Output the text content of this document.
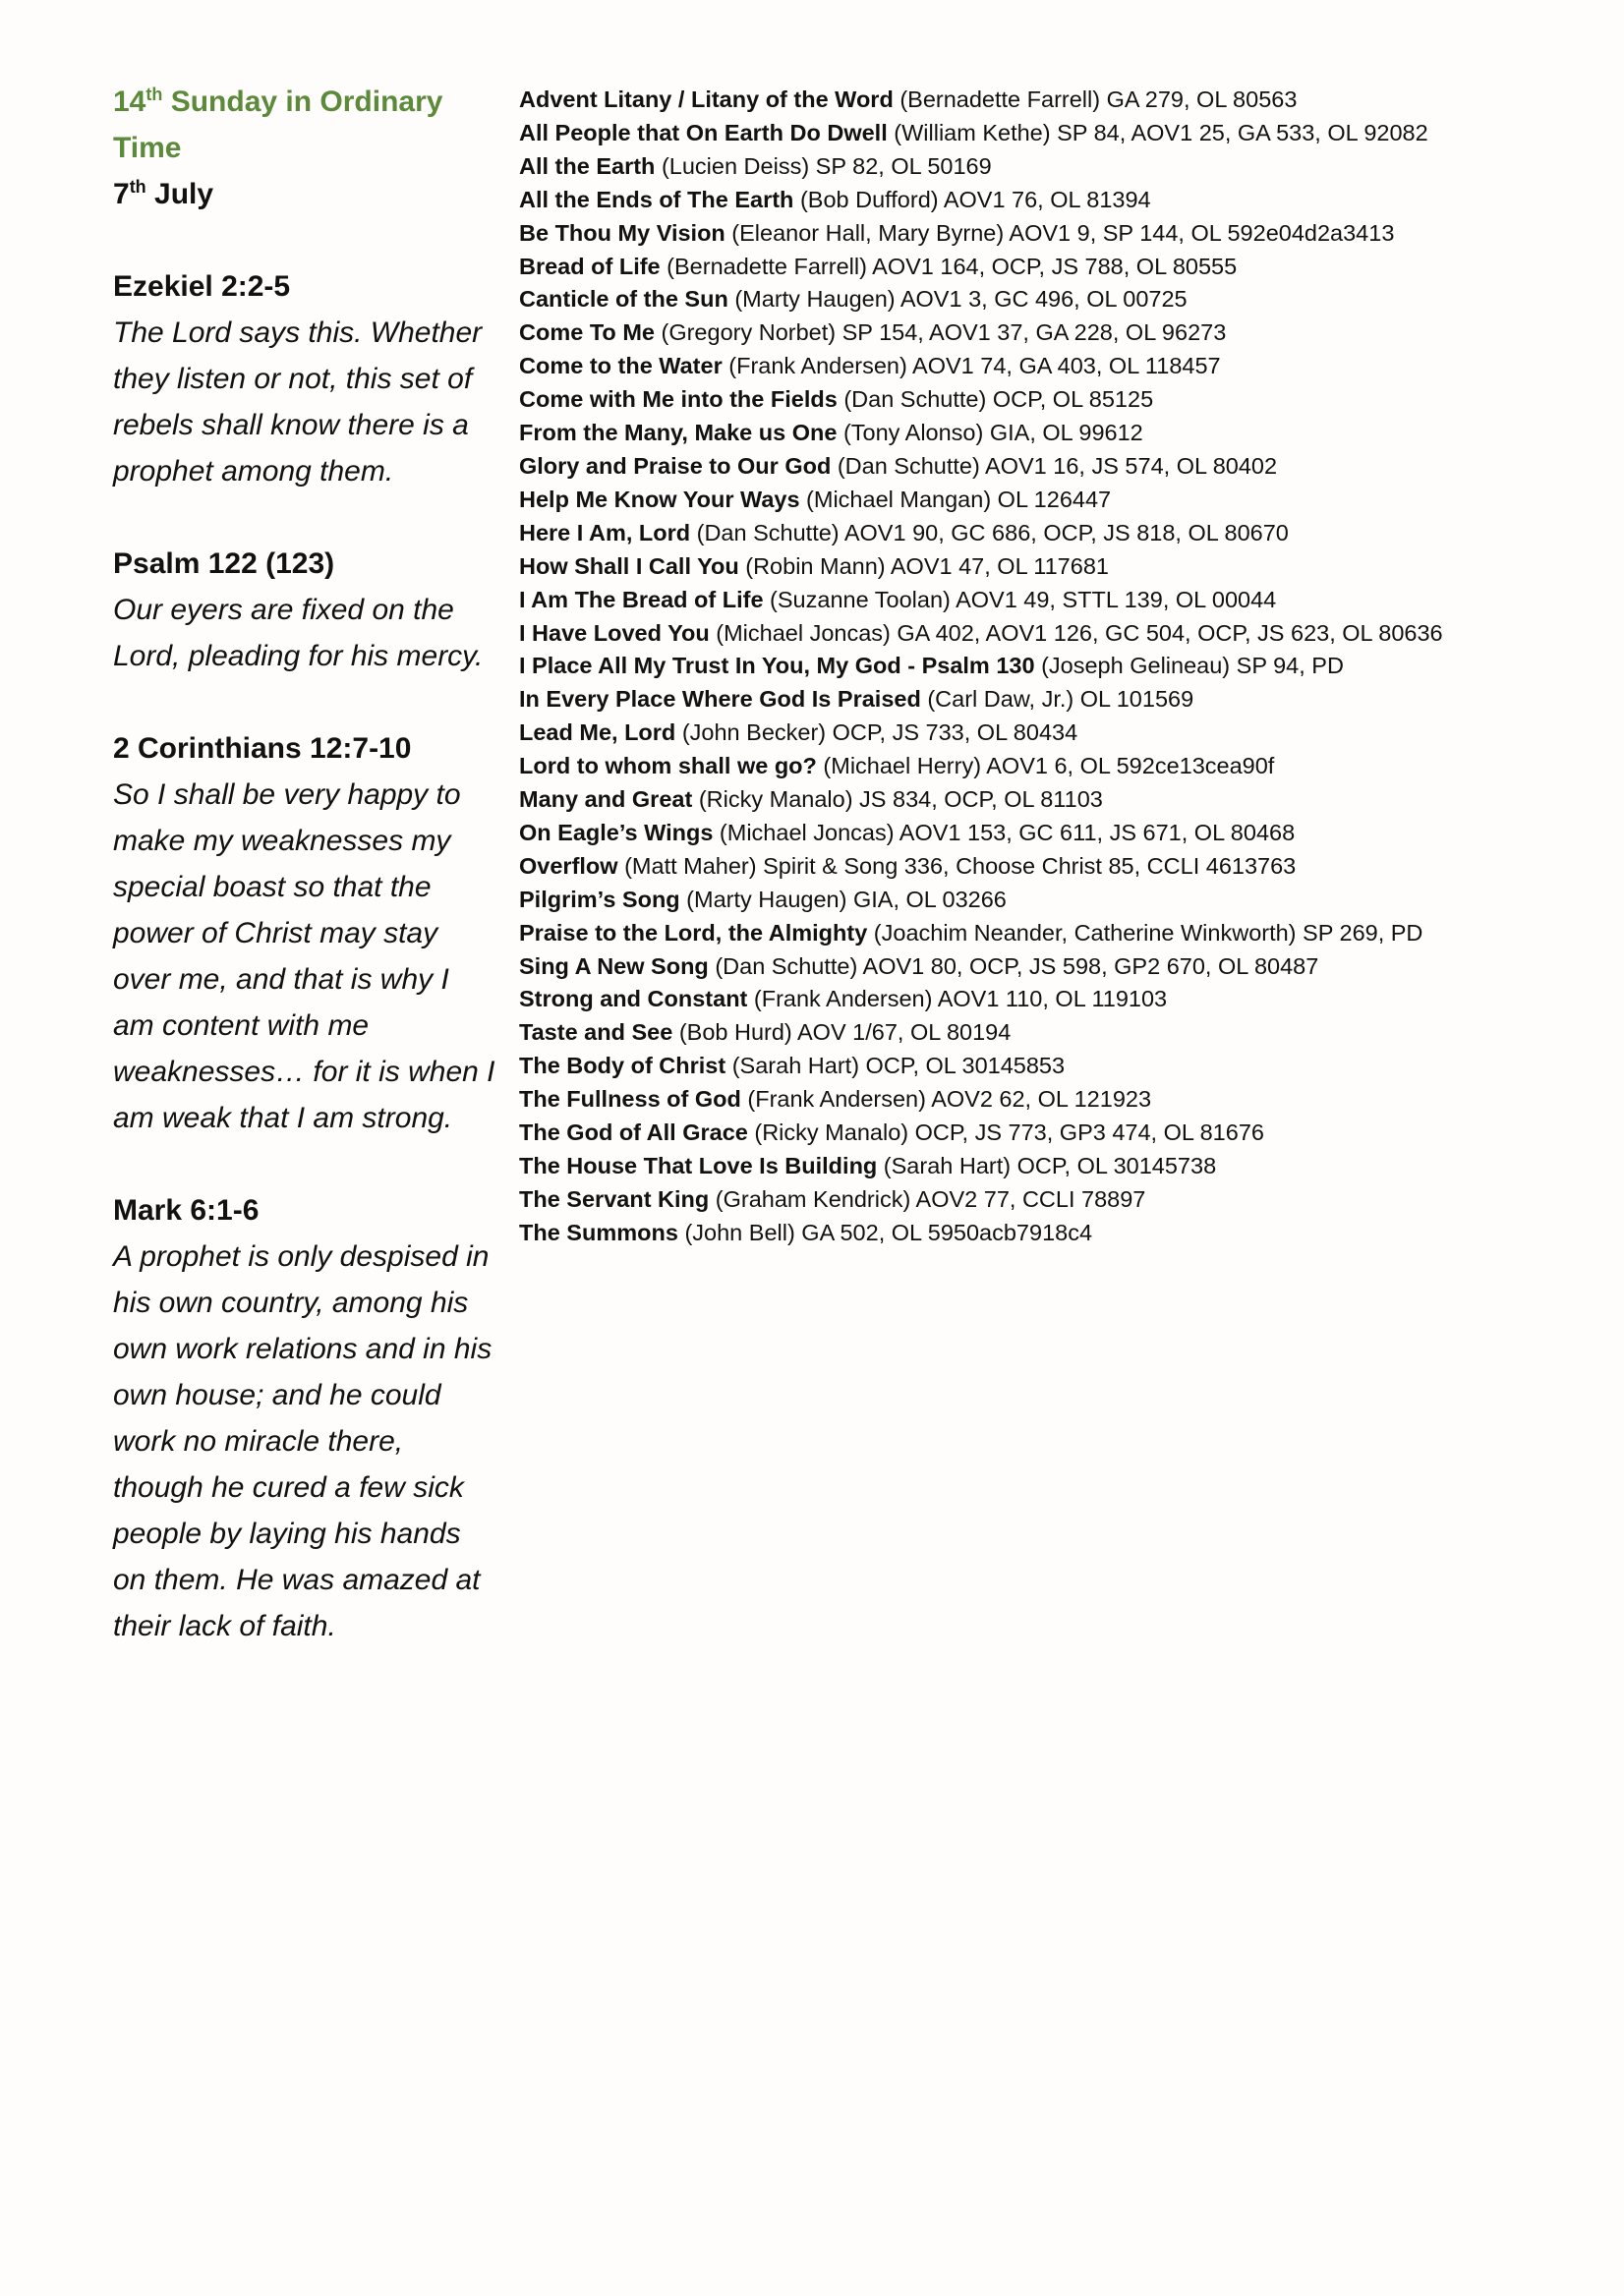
14th Sunday in Ordinary Time

7th July

Ezekiel 2:2-5

The Lord says this. Whether they listen or not, this set of rebels shall know there is a prophet among them.

Psalm 122 (123)

Our eyers are fixed on the Lord, pleading for his mercy.

2 Corinthians 12:7-10

So I shall be very happy to make my weaknesses my special boast so that the power of Christ may stay over me, and that is why I am content with me weaknesses… for it is when I am weak that I am strong.

Mark 6:1-6

A prophet is only despised in his own country, among his own work relations and in his own house; and he could work no miracle there, though he cured a few sick people by laying his hands on them. He was amazed at their lack of faith.

Advent Litany / Litany of the Word (Bernadette Farrell) GA 279, OL 80563
All People that On Earth Do Dwell (William Kethe) SP 84, AOV1 25, GA 533, OL 92082
All the Earth (Lucien Deiss) SP 82, OL 50169
All the Ends of The Earth (Bob Dufford) AOV1 76, OL 81394
Be Thou My Vision (Eleanor Hall, Mary Byrne) AOV1 9, SP 144, OL 592e04d2a3413
Bread of Life (Bernadette Farrell) AOV1 164, OCP, JS 788, OL 80555
Canticle of the Sun (Marty Haugen) AOV1 3, GC 496, OL 00725
Come To Me (Gregory Norbet) SP 154, AOV1 37, GA 228, OL 96273
Come to the Water (Frank Andersen) AOV1 74, GA 403, OL 118457
Come with Me into the Fields (Dan Schutte) OCP, OL 85125
From the Many, Make us One (Tony Alonso) GIA, OL 99612
Glory and Praise to Our God (Dan Schutte) AOV1 16, JS 574, OL 80402
Help Me Know Your Ways (Michael Mangan) OL 126447
Here I Am, Lord (Dan Schutte) AOV1 90, GC 686, OCP, JS 818, OL 80670
How Shall I Call You (Robin Mann) AOV1 47, OL 117681
I Am The Bread of Life (Suzanne Toolan) AOV1 49, STTL 139, OL 00044
I Have Loved You (Michael Joncas) GA 402, AOV1 126, GC 504, OCP, JS 623, OL 80636
I Place All My Trust In You, My God - Psalm 130 (Joseph Gelineau) SP 94, PD
In Every Place Where God Is Praised (Carl Daw, Jr.) OL 101569
Lead Me, Lord (John Becker) OCP, JS 733, OL 80434
Lord to whom shall we go? (Michael Herry) AOV1 6, OL 592ce13cea90f
Many and Great (Ricky Manalo) JS 834, OCP, OL 81103
On Eagle’s Wings (Michael Joncas) AOV1 153, GC 611, JS 671, OL 80468
Overflow (Matt Maher) Spirit & Song 336, Choose Christ 85, CCLI 4613763
Pilgrim’s Song (Marty Haugen) GIA, OL 03266
Praise to the Lord, the Almighty (Joachim Neander, Catherine Winkworth) SP 269, PD
Sing A New Song (Dan Schutte) AOV1 80, OCP, JS 598, GP2 670, OL 80487
Strong and Constant (Frank Andersen) AOV1 110, OL 119103
Taste and See (Bob Hurd) AOV 1/67, OL 80194
The Body of Christ (Sarah Hart) OCP, OL 30145853
The Fullness of God (Frank Andersen) AOV2 62, OL 121923
The God of All Grace (Ricky Manalo) OCP, JS 773, GP3 474, OL 81676
The House That Love Is Building (Sarah Hart) OCP, OL 30145738
The Servant King (Graham Kendrick) AOV2 77, CCLI 78897
The Summons (John Bell) GA 502, OL 5950acb7918c4
